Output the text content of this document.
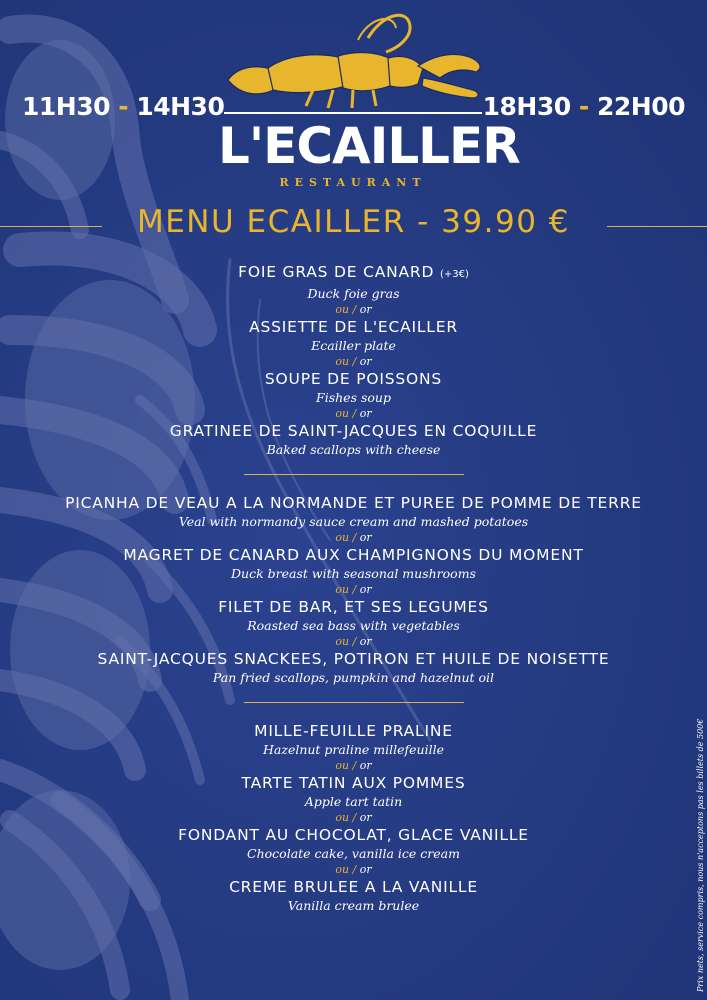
11H30 - 14H30	18H30 - 22H00
L'ECAILLER
RESTAURANT
MENU ECAILLER - 39.90 €
FOIE GRAS DE CANARD (+3€)
Duck foie gras
ou / or
ASSIETTE DE L'ECAILLER
Ecailler plate
ou / or
SOUPE DE POISSONS
Fishes soup
ou / or
GRATINEE DE SAINT-JACQUES EN COQUILLE
Baked scallops with cheese
PICANHA DE VEAU A LA NORMANDE ET PUREE DE POMME DE TERRE
Veal with normandy sauce cream and mashed potatoes
ou / or
MAGRET DE CANARD AUX CHAMPIGNONS DU MOMENT
Duck breast with seasonal mushrooms
ou / or
FILET DE BAR, ET SES LEGUMES
Roasted sea bass with vegetables
ou / or
SAINT-JACQUES SNACKEES, POTIRON ET HUILE DE NOISETTE
Pan fried scallops, pumpkin and hazelnut oil
MILLE-FEUILLE PRALINE
Hazelnut praline millefeuille
ou / or
TARTE TATIN AUX POMMES
Apple tart tatin
ou / or
FONDANT AU CHOCOLAT, GLACE VANILLE
Chocolate cake, vanilla ice cream
ou / or
CREME BRULEE A LA VANILLE
Vanilla cream brulee	Prix nets, service compris, nous n'acceptons pas les billets de 500€
